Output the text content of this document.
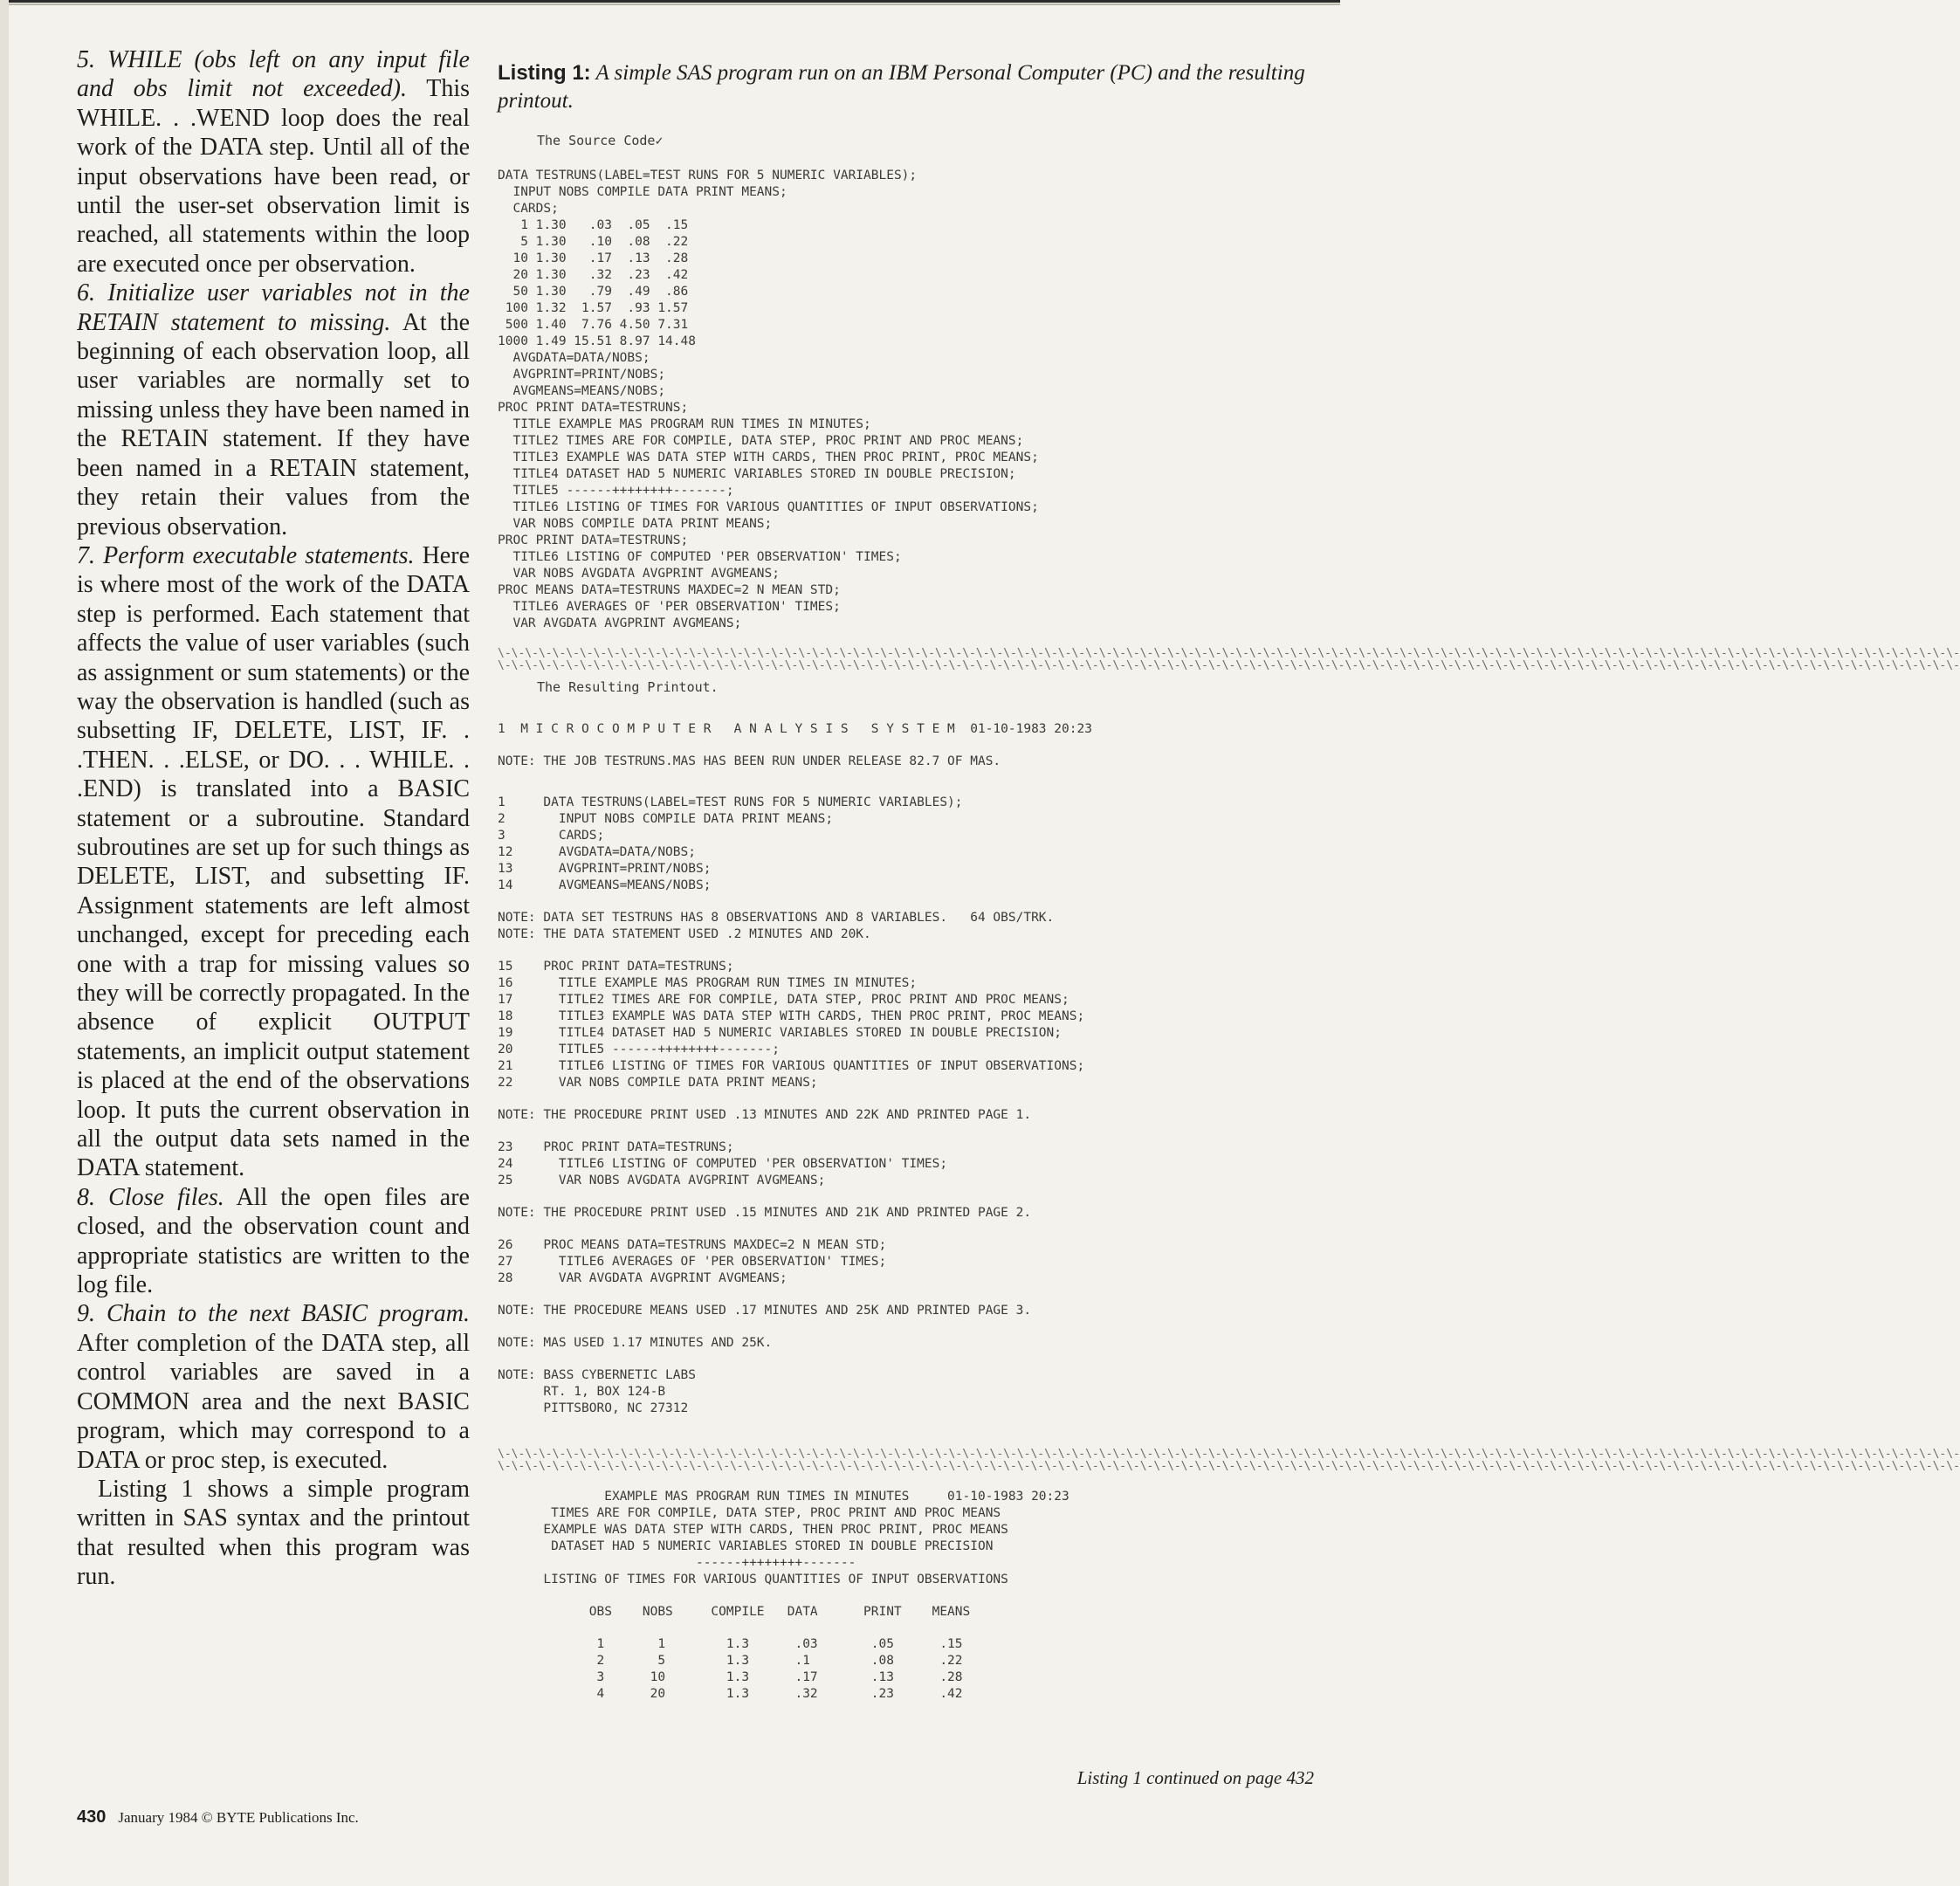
5. WHILE (obs left on any input file and obs limit not exceeded). This WHILE. . .WEND loop does the real work of the DATA step. Until all of the input observations have been read, or until the user-set observation limit is reached, all statements within the loop are executed once per observation.

6. Initialize user variables not in the RETAIN statement to missing. At the beginning of each observation loop, all user variables are normally set to missing unless they have been named in the RETAIN statement. If they have been named in a RETAIN statement, they retain their values from the previous observation.

7. Perform executable statements. Here is where most of the work of the DATA step is performed. Each statement that affects the value of user variables (such as assignment or sum statements) or the way the observation is handled (such as subsetting IF, DELETE, LIST, IF. . .THEN. . .ELSE, or DO. . . WHILE. . .END) is translated into a BASIC statement or a subroutine. Standard subroutines are set up for such things as DELETE, LIST, and subsetting IF. Assignment statements are left almost unchanged, except for preceding each one with a trap for missing values so they will be correctly propagated. In the absence of explicit OUTPUT statements, an implicit output statement is placed at the end of the observations loop. It puts the current observation in all the output data sets named in the DATA statement.

8. Close files. All the open files are closed, and the observation count and appropriate statistics are written to the log file.

9. Chain to the next BASIC program. After completion of the DATA step, all control variables are saved in a COMMON area and the next BASIC program, which may correspond to a DATA or proc step, is executed.

Listing 1 shows a simple program written in SAS syntax and the printout that resulted when this program was run.

Listing 1: A simple SAS program run on an IBM Personal Computer (PC) and the resulting printout.

The Source Code✓

DATA TESTRUNS(LABEL=TEST RUNS FOR 5 NUMERIC VARIABLES);
INPUT NOBS COMPILE DATA PRINT MEANS;
CARDS;
1 1.30   .03  .05  .15
5 1.30   .10  .08  .22
10 1.30   .17  .13  .28
20 1.30   .32  .23  .42
50 1.30   .79  .49  .86
100 1.32  1.57  .93 1.57
500 1.40  7.76 4.50 7.31
1000 1.49 15.51 8.97 14.48
AVGDATA=DATA/NOBS;
AVGPRINT=PRINT/NOBS;
AVGMEANS=MEANS/NOBS;
PROC PRINT DATA=TESTRUNS;
TITLE EXAMPLE MAS PROGRAM RUN TIMES IN MINUTES;
TITLE2 TIMES ARE FOR COMPILE, DATA STEP, PROC PRINT AND PROC MEANS;
TITLE3 EXAMPLE WAS DATA STEP WITH CARDS, THEN PROC PRINT, PROC MEANS;
TITLE4 DATASET HAD 5 NUMERIC VARIABLES STORED IN DOUBLE PRECISION;
TITLE5 ------++++++++-------;
TITLE6 LISTING OF TIMES FOR VARIOUS QUANTITIES OF INPUT OBSERVATIONS;
VAR NOBS COMPILE DATA PRINT MEANS;
PROC PRINT DATA=TESTRUNS;
TITLE6 LISTING OF COMPUTED 'PER OBSERVATION' TIMES;
VAR NOBS AVGDATA AVGPRINT AVGMEANS;
PROC MEANS DATA=TESTRUNS MAXDEC=2 N MEAN STD;
TITLE6 AVERAGES OF 'PER OBSERVATION' TIMES;
VAR AVGDATA AVGPRINT AVGMEANS;

\-\-\-\-\-\-\-\-\-\-\-\-\-\-\-\-\-\-\-\-\-\-\-\-\-\-\-\-\-\-\-\-\-\-\-\-\-\-\-\-\-\-\-\-\-\-\-\-\-\-\-\-\-\-\-\-\-\-\-\-\-\-\-\-\-\-\-\-\-\-\-\-\-\-\-\-\-\-\-\-\-\-\-\-\-\-\-\-\-\-\-\-\-\-\-\-\-\-\-\-\-\-\-\-\-\-\-

\-\-\-\-\-\-\-\-\-\-\-\-\-\-\-\-\-\-\-\-\-\-\-\-\-\-\-\-\-\-\-\-\-\-\-\-\-\-\-\-\-\-\-\-\-\-\-\-\-\-\-\-\-\-\-\-\-\-\-\-\-\-\-\-\-\-\-\-\-\-\-\-\-\-\-\-\-\-\-\-\-\-\-\-\-\-\-\-\-\-\-\-\-\-\-\-\-\-\-\-\-\-\-\-\-\-\-

The Resulting Printout.

1  M I C R O C O M P U T E R   A N A L Y S I S   S Y S T E M  01-10-1983 20:23
NOTE: THE JOB TESTRUNS.MAS HAS BEEN RUN UNDER RELEASE 82.7 OF MAS.
1     DATA TESTRUNS(LABEL=TEST RUNS FOR 5 NUMERIC VARIABLES);
2       INPUT NOBS COMPILE DATA PRINT MEANS;
3       CARDS;
12      AVGDATA=DATA/NOBS;
13      AVGPRINT=PRINT/NOBS;
14      AVGMEANS=MEANS/NOBS;
NOTE: DATA SET TESTRUNS HAS 8 OBSERVATIONS AND 8 VARIABLES.   64 OBS/TRK.
NOTE: THE DATA STATEMENT USED .2 MINUTES AND 20K.
15    PROC PRINT DATA=TESTRUNS;
16      TITLE EXAMPLE MAS PROGRAM RUN TIMES IN MINUTES;
17      TITLE2 TIMES ARE FOR COMPILE, DATA STEP, PROC PRINT AND PROC MEANS;
18      TITLE3 EXAMPLE WAS DATA STEP WITH CARDS, THEN PROC PRINT, PROC MEANS;
19      TITLE4 DATASET HAD 5 NUMERIC VARIABLES STORED IN DOUBLE PRECISION;
20      TITLE5 ------++++++++-------;
21      TITLE6 LISTING OF TIMES FOR VARIOUS QUANTITIES OF INPUT OBSERVATIONS;
22      VAR NOBS COMPILE DATA PRINT MEANS;
NOTE: THE PROCEDURE PRINT USED .13 MINUTES AND 22K AND PRINTED PAGE 1.
23    PROC PRINT DATA=TESTRUNS;
24      TITLE6 LISTING OF COMPUTED 'PER OBSERVATION' TIMES;
25      VAR NOBS AVGDATA AVGPRINT AVGMEANS;
NOTE: THE PROCEDURE PRINT USED .15 MINUTES AND 21K AND PRINTED PAGE 2.
26    PROC MEANS DATA=TESTRUNS MAXDEC=2 N MEAN STD;
27      TITLE6 AVERAGES OF 'PER OBSERVATION' TIMES;
28      VAR AVGDATA AVGPRINT AVGMEANS;
NOTE: THE PROCEDURE MEANS USED .17 MINUTES AND 25K AND PRINTED PAGE 3.
NOTE: MAS USED 1.17 MINUTES AND 25K.
NOTE: BASS CYBERNETIC LABS
RT. 1, BOX 124-B
PITTSBORO, NC 27312

\-\-\-\-\-\-\-\-\-\-\-\-\-\-\-\-\-\-\-\-\-\-\-\-\-\-\-\-\-\-\-\-\-\-\-\-\-\-\-\-\-\-\-\-\-\-\-\-\-\-\-\-\-\-\-\-\-\-\-\-\-\-\-\-\-\-\-\-\-\-\-\-\-\-\-\-\-\-\-\-\-\-\-\-\-\-\-\-\-\-\-\-\-\-\-\-\-\-\-\-\-\-\-\-\-\-\-

\-\-\-\-\-\-\-\-\-\-\-\-\-\-\-\-\-\-\-\-\-\-\-\-\-\-\-\-\-\-\-\-\-\-\-\-\-\-\-\-\-\-\-\-\-\-\-\-\-\-\-\-\-\-\-\-\-\-\-\-\-\-\-\-\-\-\-\-\-\-\-\-\-\-\-\-\-\-\-\-\-\-\-\-\-\-\-\-\-\-\-\-\-\-\-\-\-\-\-\-\-\-\-\-\-\-\-

EXAMPLE MAS PROGRAM RUN TIMES IN MINUTES     01-10-1983 20:23
TIMES ARE FOR COMPILE, DATA STEP, PROC PRINT AND PROC MEANS
EXAMPLE WAS DATA STEP WITH CARDS, THEN PROC PRINT, PROC MEANS
DATASET HAD 5 NUMERIC VARIABLES STORED IN DOUBLE PRECISION
------++++++++-------
LISTING OF TIMES FOR VARIOUS QUANTITIES OF INPUT OBSERVATIONS
OBS    NOBS     COMPILE   DATA      PRINT    MEANS
1       1        1.3      .03       .05      .15
2       5        1.3      .1        .08      .22
3      10        1.3      .17       .13      .28
4      20        1.3      .32       .23      .42
Listing 1 continued on page 432
430 January 1984 © BYTE Publications Inc.
